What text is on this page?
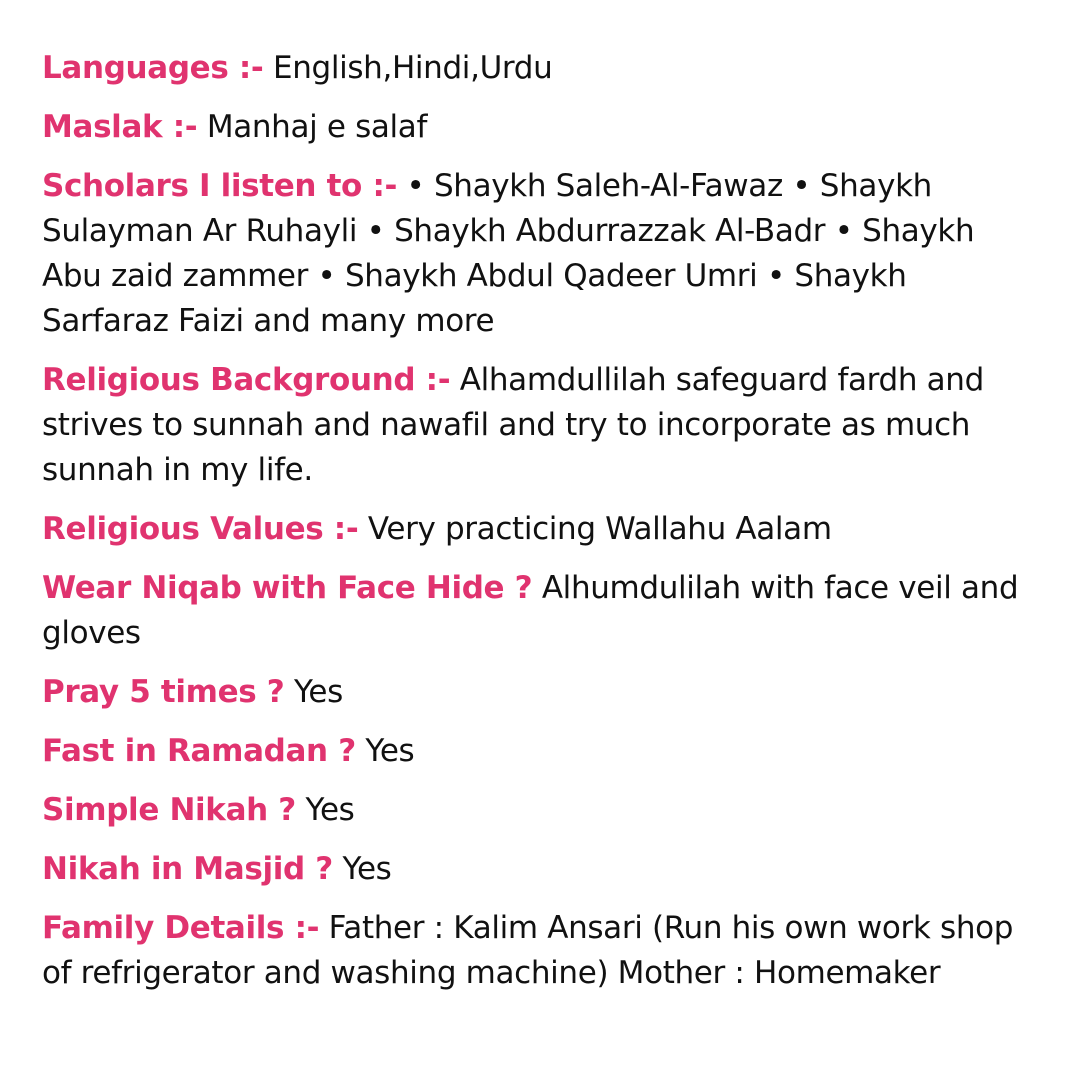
Languages :- English,Hindi,Urdu

Maslak :- Manhaj e salaf

Scholars I listen to :- • Shaykh Saleh-Al-Fawaz • Shaykh Sulayman Ar Ruhayli • Shaykh Abdurrazzak Al-Badr • Shaykh Abu zaid zammer • Shaykh Abdul Qadeer Umri • Shaykh Sarfaraz Faizi and many more

Religious Background :- Alhamdullilah safeguard fardh and strives to sunnah and nawafil and try to incorporate as much sunnah in my life.

Religious Values :- Very practicing Wallahu Aalam

Wear Niqab with Face Hide ? Alhumdulilah with face veil and gloves

Pray 5 times ? Yes

Fast in Ramadan ? Yes

Simple Nikah ? Yes

Nikah in Masjid ? Yes

Family Details :- Father : Kalim Ansari (Run his own work shop of refrigerator and washing machine) Mother : Homemaker
